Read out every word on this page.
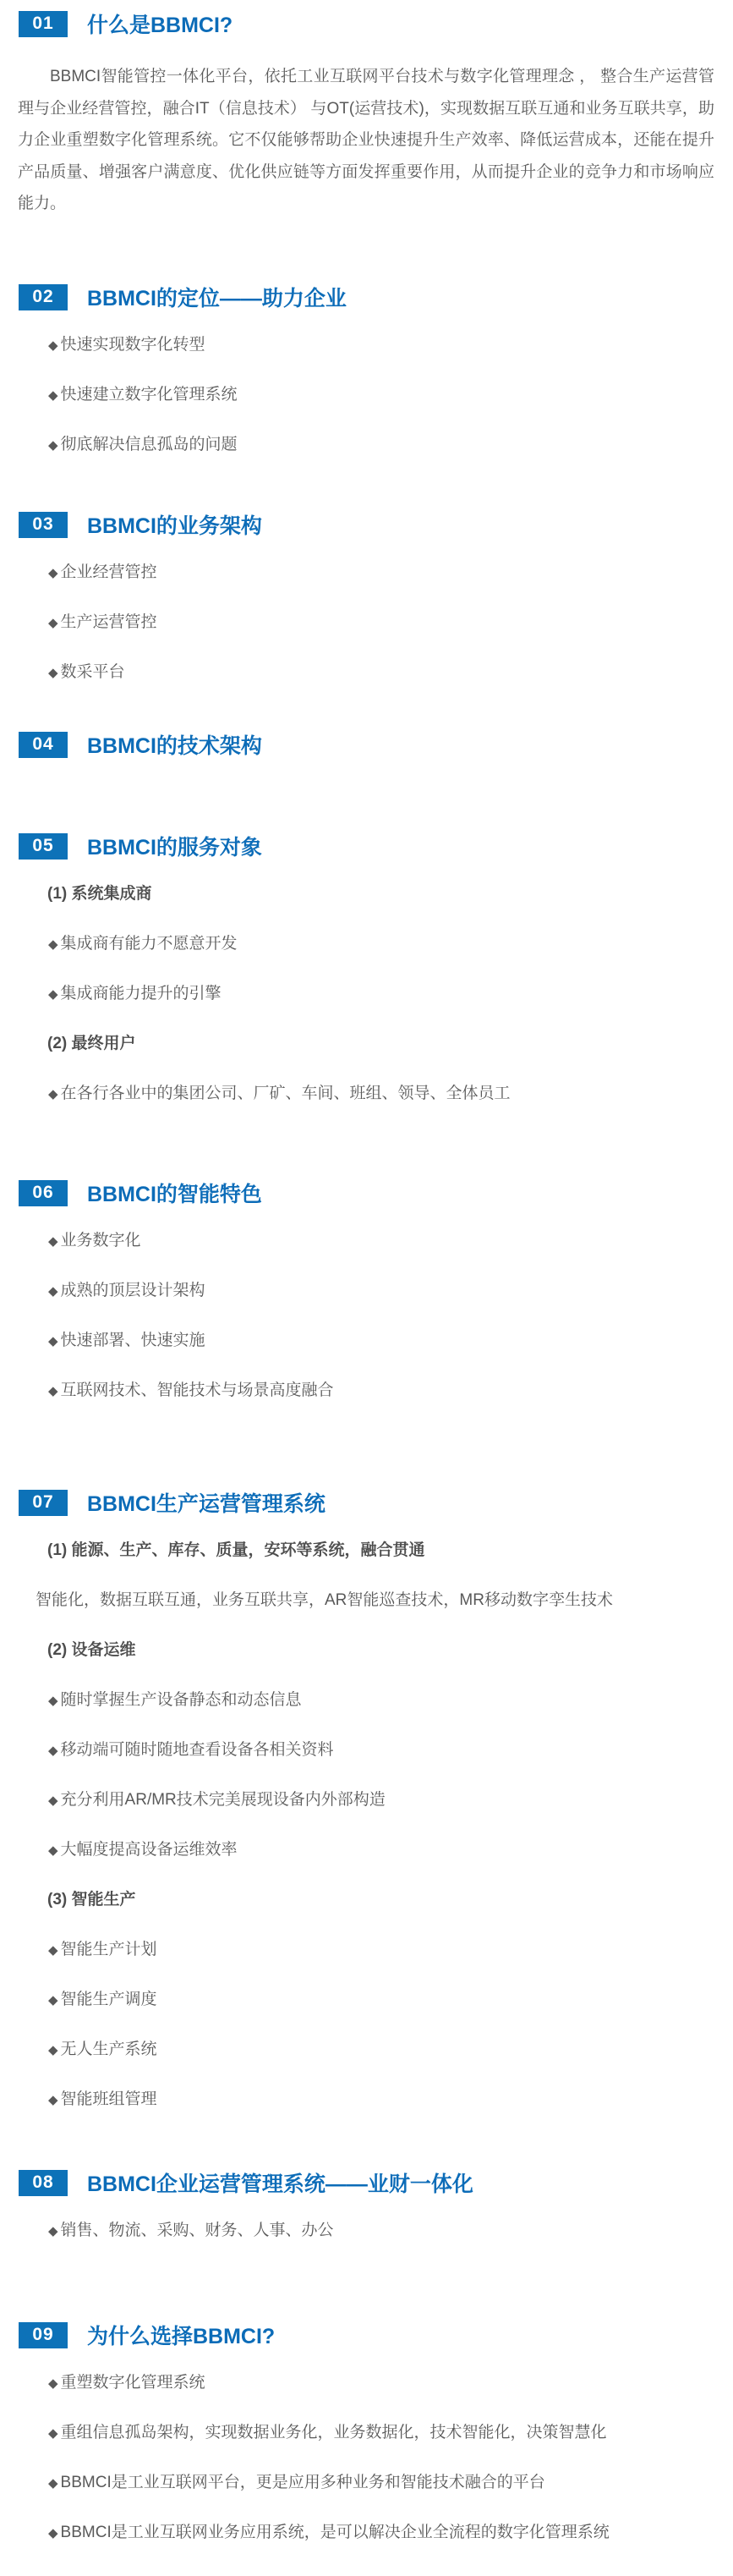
01	什么是BBMCI?

BBMCI智能管控一体化平台，依托工业互联网平台技术与数字化管理理念 ， 整合生产运营管理与企业经营管控，融合IT（信息技术） 与OT(运营技术)，实现数据互联互通和业务互联共享，助力企业重塑数字化管理系统。它不仅能够帮助企业快速提升生产效率、降低运营成本，还能在提升产品质量、增强客户满意度、优化供应链等方面发挥重要作用，从而提升企业的竞争力和市场响应能力。

02	BBMCI的定位——助力企业
◆ 快速实现数字化转型
◆ 快速建立数字化管理系统
◆ 彻底解决信息孤岛的问题
03	BBMCI的业务架构
◆ 企业经营管控
◆ 生产运营管控
◆ 数采平台
04	BBMCI的技术架构
05	BBMCI的服务对象
(1) 系统集成商
◆ 集成商有能力不愿意开发
◆ 集成商能力提升的引擎
(2) 最终用户
◆ 在各行各业中的集团公司、厂矿、车间、班组、领导、全体员工
06	BBMCI的智能特色
◆ 业务数字化
◆ 成熟的顶层设计架构
◆ 快速部署、快速实施
◆ 互联网技术、智能技术与场景高度融合
07	BBMCI生产运营管理系统
(1) 能源、生产、库存、质量，安环等系统，融合贯通
智能化，数据互联互通，业务互联共享，AR智能巡查技术，MR移动数字孪生技术
(2) 设备运维
◆ 随时掌握生产设备静态和动态信息
◆ 移动端可随时随地查看设备各相关资料
◆ 充分利用AR/MR技术完美展现设备内外部构造
◆ 大幅度提高设备运维效率
(3) 智能生产
◆ 智能生产计划
◆ 智能生产调度
◆ 无人生产系统
◆ 智能班组管理
08	BBMCI企业运营管理系统——业财一体化
◆ 销售、物流、采购、财务、人事、办公
09	为什么选择BBMCI?
◆ 重塑数字化管理系统
◆ 重组信息孤岛架构，实现数据业务化，业务数据化，技术智能化，决策智慧化
◆ BBMCI是工业互联网平台，更是应用多种业务和智能技术融合的平台
◆ BBMCI是工业互联网业务应用系统，是可以解决企业全流程的数字化管理系统
